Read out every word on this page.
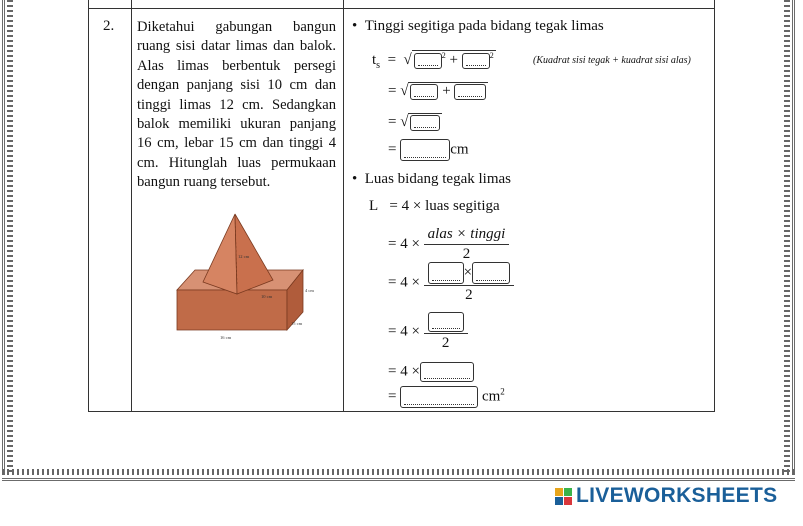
2. Diketahui gabungan bangun ruang sisi datar limas dan balok. Alas limas berbentuk persegi dengan panjang sisi 10 cm dan tinggi limas 12 cm. Sedangkan balok memiliki ukuran panjang 16 cm, lebar 15 cm dan tinggi 4 cm. Hitunglah luas permukaan bangun ruang tersebut.
12 cm
10 cm
4 cm
15 cm
16 cm
• Tinggi segitiga pada bidang tegak limas
$t_s$ =  √	$^2$ +	$^2$	(Kuadrat sisi tegak + kuadrat sisi alas)
= √ +
= √
=	cm
• Luas bidang tegak limas
L = 4 × luas segitiga
= $4 \times \frac{\text{alas × tinggi}}{2}$
= $4 \times \frac{\times}{2}$
= 4 ×
2
= 4 ×
=	$cm^2$
LIVEWORKSHEETS
